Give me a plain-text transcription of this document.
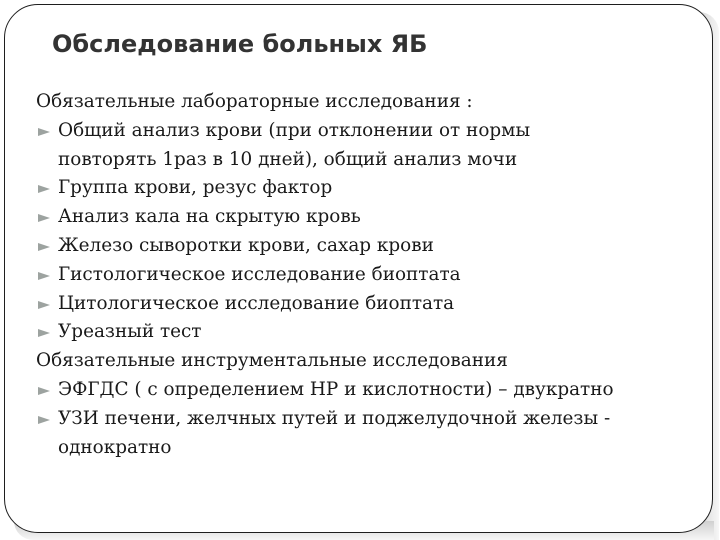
Обследование больных ЯБ
Обязательные лабораторные исследования :
Общий анализ крови (при отклонении от нормы
повторять 1раз в 10 дней), общий анализ мочи
Группа крови, резус фактор
Анализ кала на скрытую кровь
Железо сыворотки крови, сахар крови
Гистологическое исследование биоптата
Цитологическое исследование биоптата
Уреазный тест
Обязательные инструментальные исследования
ЭФГДС ( с определением НР и кислотности) – двукратно
УЗИ печени, желчных путей и поджелудочной железы -
однократно
